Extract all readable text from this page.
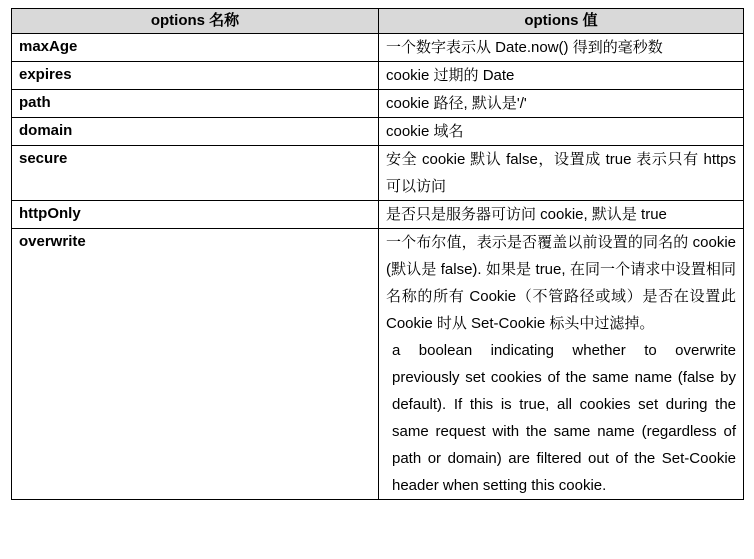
options 名称	options 值
maxAge	一个数字表示从 Date.now() 得到的毫秒数
expires	cookie 过期的 Date
path	cookie 路径, 默认是'/'
domain	cookie 域名
secure	安全 cookie 默认 false，设置成 true 表示只有 https 可以访问
httpOnly	是否只是服务器可访问 cookie, 默认是 true
overwrite	一个布尔值，表示是否覆盖以前设置的同名的 cookie (默认是 false). 如果是 true, 在同一个请求中设置相同名称的所有 Cookie（不管路径或域）是否在设置此 Cookie 时从 Set-Cookie 标头中过滤掉。
a boolean indicating whether to overwrite previously set cookies of the same name (false by default). If this is true, all cookies set during the same request with the same name (regardless of path or domain) are filtered out of the Set-Cookie header when setting this cookie.
